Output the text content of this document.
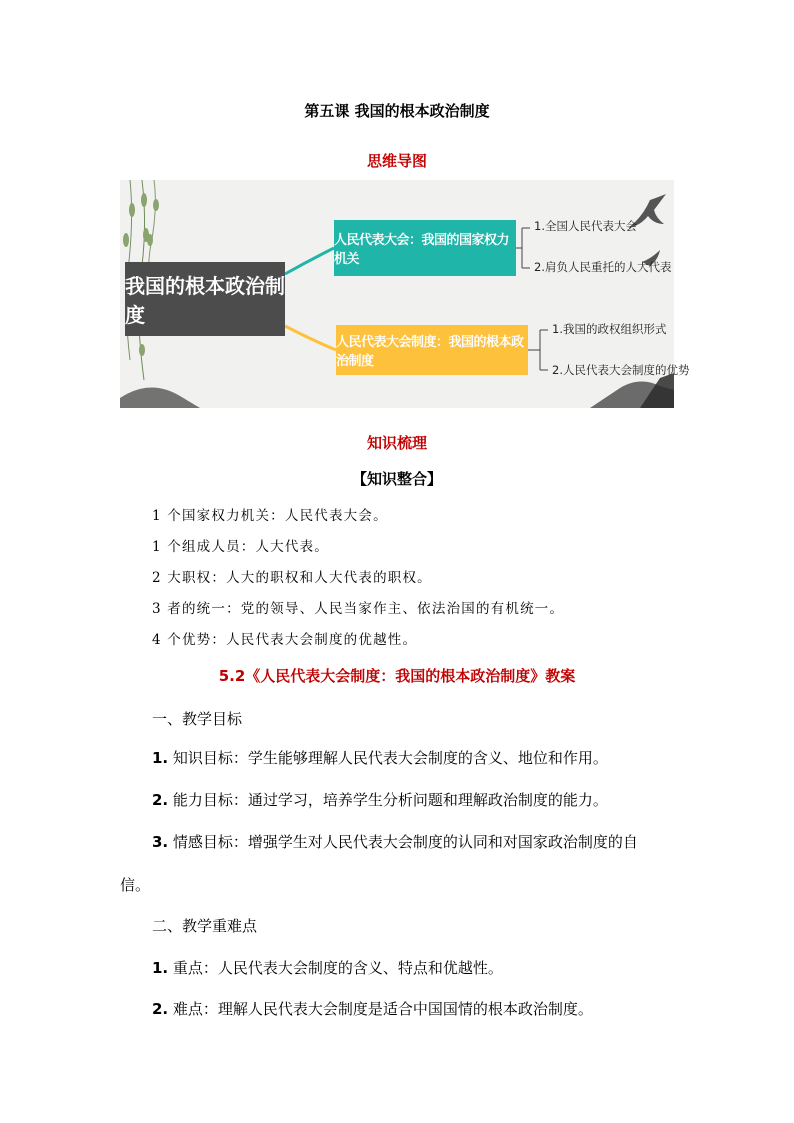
第五课 我国的根本政治制度
思维导图
我国的根本政治制度
人民代表大会：我国的国家权力机关
人民代表大会制度：我国的根本政治制度
1.全国人民代表大会
2.肩负人民重托的人大代表
1.我国的政权组织形式
2.人民代表大会制度的优势
知识梳理
【知识整合】
1 个国家权力机关：人民代表大会。
1 个组成人员：人大代表。
2 大职权：人大的职权和人大代表的职权。
3 者的统一：党的领导、人民当家作主、依法治国的有机统一。
4 个优势：人民代表大会制度的优越性。
5.2《人民代表大会制度：我国的根本政治制度》教案
一、教学目标
1. 知识目标：学生能够理解人民代表大会制度的含义、地位和作用。
2. 能力目标：通过学习，培养学生分析问题和理解政治制度的能力。
3. 情感目标：增强学生对人民代表大会制度的认同和对国家政治制度的自
信。
二、教学重难点
1. 重点：人民代表大会制度的含义、特点和优越性。
2. 难点：理解人民代表大会制度是适合中国国情的根本政治制度。
